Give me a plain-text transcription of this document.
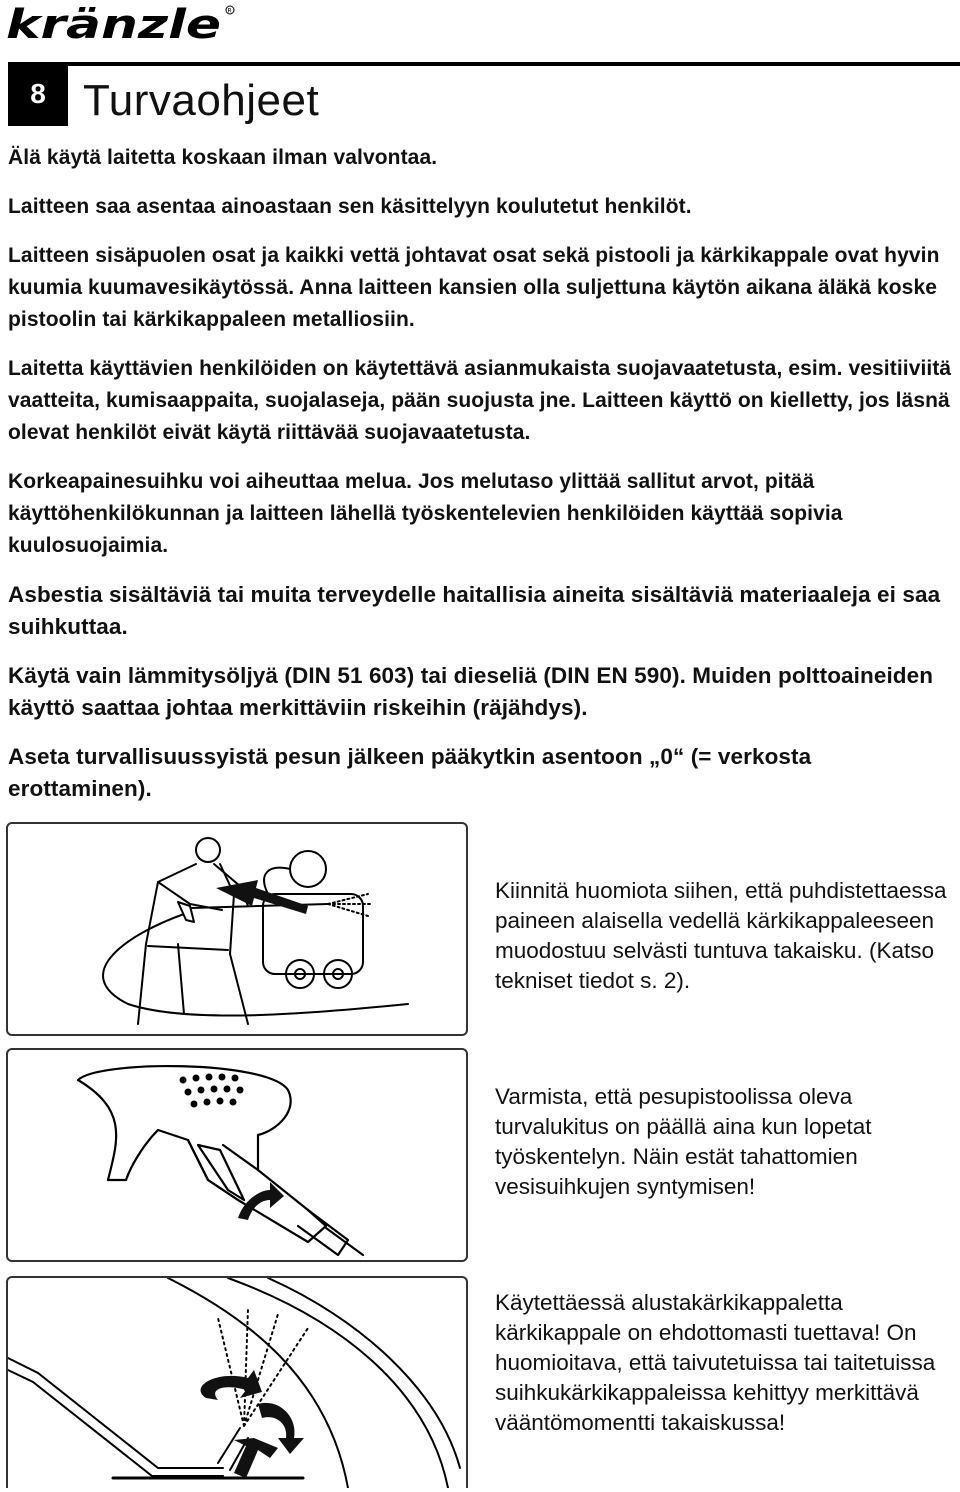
kränzle R
8 Turvaohjeet

Älä käytä laitetta koskaan ilman valvontaa.

Laitteen saa asentaa ainoastaan sen käsittelyyn koulutetut henkilöt.

Laitteen sisäpuolen osat ja kaikki vettä johtavat osat sekä pistooli ja kärkikappale ovat hyvin kuumia kuumavesikäytössä. Anna laitteen kansien olla suljettuna käytön aikana äläkä koske pistoolin tai kärkikappaleen metalliosiin.

Laitetta käyttävien henkilöiden on käytettävä asianmukaista suojavaatetusta, esim. vesitiiviitä vaatteita, kumisaappaita, suojalaseja, pään suojusta jne. Laitteen käyttö on kielletty, jos läsnä olevat henkilöt eivät käytä riittävää suojavaatetusta.

Korkeapainesuihku voi aiheuttaa melua. Jos melutaso ylittää sallitut arvot, pitää käyttöhenkilökunnan ja laitteen lähellä työskentelevien henkilöiden käyttää sopivia kuulosuojaimia.

Asbestia sisältäviä tai muita terveydelle haitallisia aineita sisältäviä materiaaleja ei saa suihkuttaa.

Käytä vain lämmitysöljyä (DIN 51 603) tai dieseliä (DIN EN 590). Muiden polttoaineiden käyttö saattaa johtaa merkittäviin riskeihin (räjähdys).

Aseta turvallisuussyistä pesun jälkeen pääkytkin asentoon „0“ (= verkosta erottaminen).

Kiinnitä huomiota siihen, että puhdistettaessa paineen alaisella vedellä kärkikappaleeseen muodostuu selvästi tuntuva takaisku. (Katso tekniset tiedot s. 2).

Varmista, että pesupistoolissa oleva turvalukitus on päällä aina kun lopetat työskentelyn. Näin estät tahattomien vesisuihkujen syntymisen!

Käytettäessä alustakärkikappaletta kärkikappale on ehdottomasti tuettava! On huomioitava, että taivutetuissa tai taitetuissa suihkukärkikappaleissa kehittyy merkittävä vääntömomentti takaiskussa!
